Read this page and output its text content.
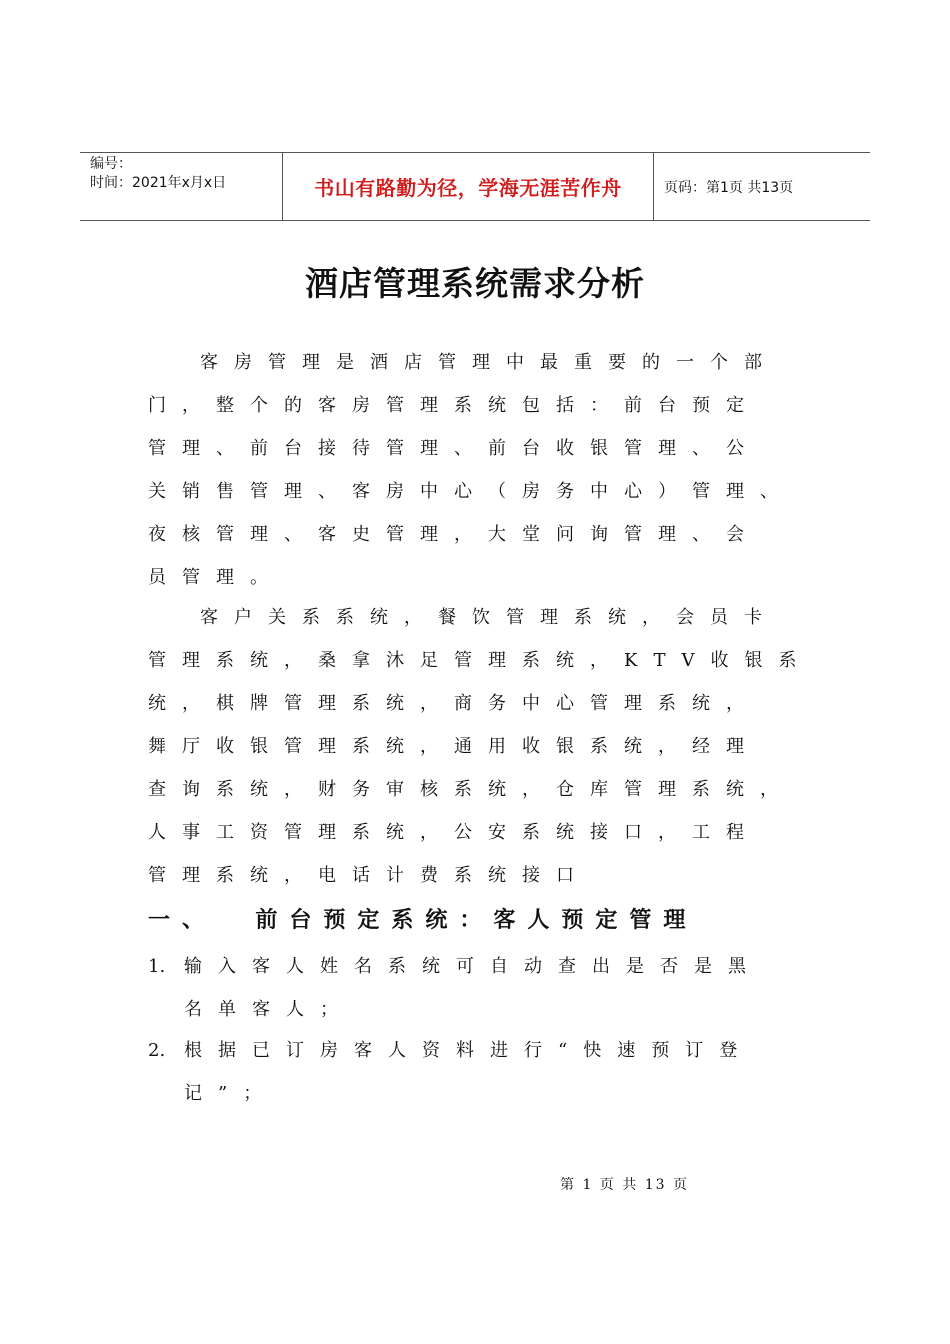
编号：
时间：2021年x月x日	书山有路勤为径，学海无涯苦作舟	页码：第1页 共13页
酒店管理系统需求分析
客房管理是酒店管理中最重要的一个部
门，整个的客房管理系统包括：前台预定
管理、前台接待管理、前台收银管理、公
关销售管理、客房中心（房务中心）管理、
夜核管理、客史管理，大堂问询管理、会
员管理。
客户关系系统，餐饮管理系统，会员卡
管理系统，桑拿沐足管理系统，KTV收银系
统，棋牌管理系统，商务中心管理系统，
舞厅收银管理系统，通用收银系统，经理
查询系统，财务审核系统，仓库管理系统，
人事工资管理系统，公安系统接口，工程
管理系统，电话计费系统接口
一、  前台预定系统：客人预定管理
1. 输入客人姓名系统可自动查出是否是黑
名单客人；
2. 根据已订房客人资料进行“快速预订登
记”；
第 1 页 共 13 页
